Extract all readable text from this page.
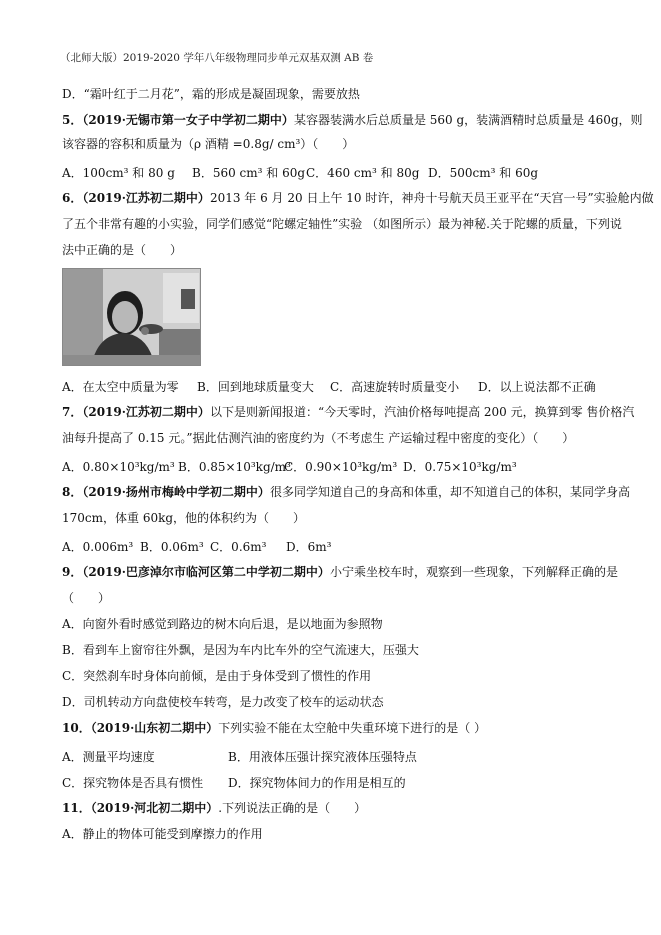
（北师大版）2019-2020 学年八年级物理同步单元双基双测 AB 卷
D．“霜叶红于二月花”，霜的形成是凝固现象，需要放热
5．（2019·无锡市第一女子中学初二期中）某容器装满水后总质量是 560 g，装满酒精时总质量是 460g，则
该容器的容积和质量为（ρ 酒精 =0.8g/ cm³）（　　）
A．100cm³ 和 80 g B．560 cm³ 和 60g C．460 cm³ 和 80g D．500cm³ 和 60g
6．（2019·江苏初二期中）2013 年 6 月 20 日上午 10 时许，神舟十号航天员王亚平在“天宫一号”实验舱内做
了五个非常有趣的小实验，同学们感觉“陀螺定轴性”实验 （如图所示）最为神秘.关于陀螺的质量，下列说
法中正确的是（　　）
A．在太空中质量为零 B．回到地球质量变大 C．高速旋转时质量变小 D．以上说法都不正确
7．（2019·江苏初二期中）以下是则新闻报道：“今天零时，汽油价格每吨提高 200 元，换算到零 售价格汽
油每升提高了 0.15 元。”据此估测汽油的密度约为（不考虑生 产运输过程中密度的变化）（　　）
A．0.80×10³kg/m³ B．0.85×10³kg/m³
C．0.90×10³kg/m³ D．0.75×10³kg/m³
8．（2019·扬州市梅岭中学初二期中）很多同学知道自己的身高和体重，却不知道自己的体积，某同学身高
170cm，体重 60kg，他的体积约为（　　）
A．0.006m³ B．0.06m³ C．0.6m³ D．6m³
9．（2019·巴彦淖尔市临河区第二中学初二期中）小宁乘坐校车时，观察到一些现象，下列解释正确的是
（　　）
A．向窗外看时感觉到路边的树木向后退，是以地面为参照物
B．看到车上窗帘往外飘，是因为车内比车外的空气流速大，压强大
C．突然刹车时身体向前倾，是由于身体受到了惯性的作用
D．司机转动方向盘使校车转弯，是力改变了校车的运动状态
10．（2019·山东初二期中）下列实验不能在太空舱中失重环境下进行的是（ ）
A．测量平均速度	B．用液体压强计探究液体压强特点
C．探究物体是否具有惯性 D．探究物体间力的作用是相互的
11．（2019·河北初二期中）.下列说法正确的是（　　）
A．静止的物体可能受到摩擦力的作用
